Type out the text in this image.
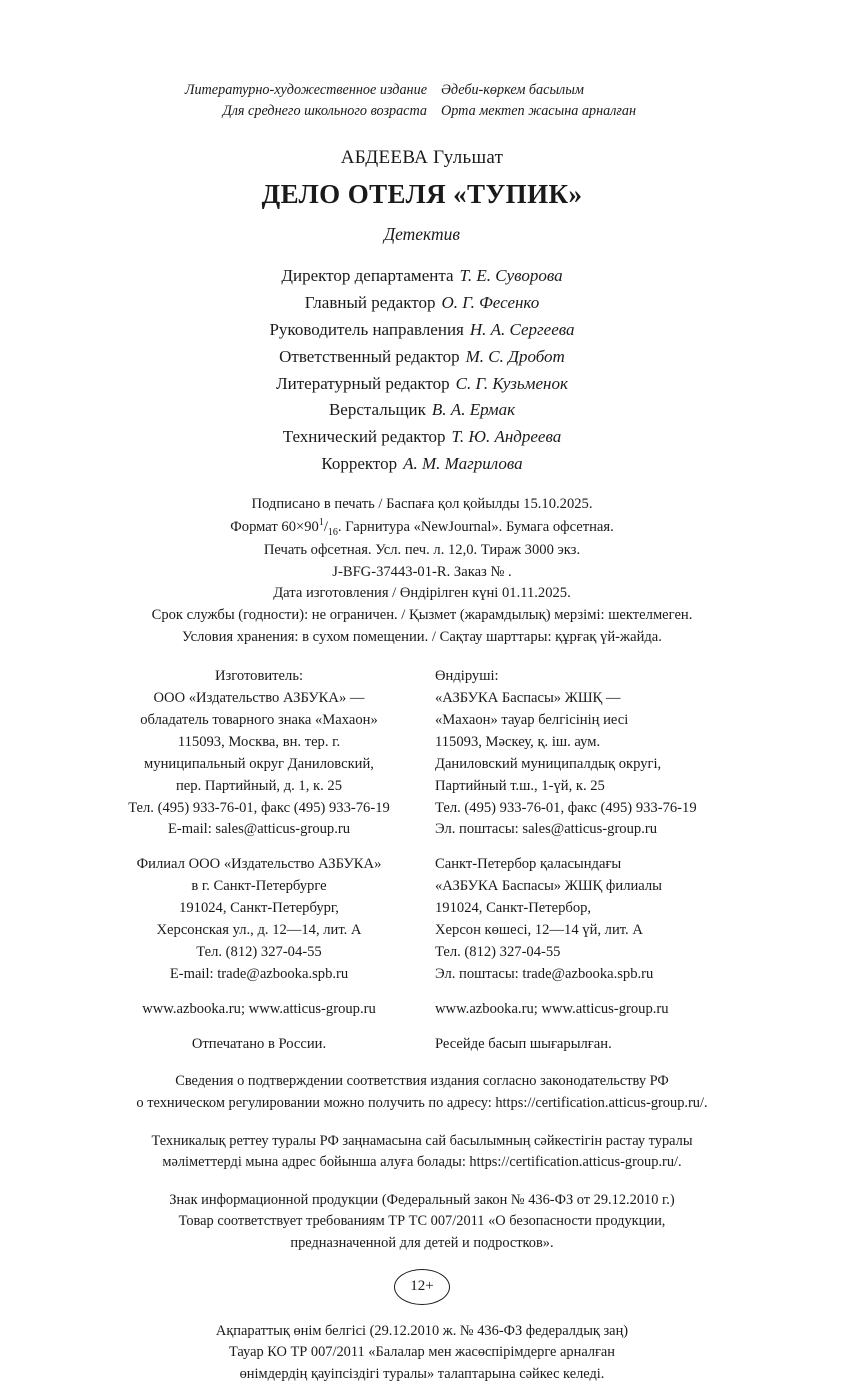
Литературно-художественное издание
Для среднего школьного возраста
Әдеби-көркем басылым
Орта мектеп жасына арналған
АБДЕЕВА Гульшат
ДЕЛО ОТЕЛЯ «ТУПИК»
Детектив
Директор департамента Т. Е. Суворова
Главный редактор О. Г. Фесенко
Руководитель направления Н. А. Сергеева
Ответственный редактор М. С. Дробот
Литературный редактор С. Г. Кузьменок
Верстальщик В. А. Ермак
Технический редактор Т. Ю. Андреева
Корректор А. М. Магрилова
Подписано в печать / Баспаға қол қойылды 15.10.2025.
Формат $60\times 90^1/_{16}$. Гарнитура «NewJournal». Бумага офсетная.
Печать офсетная. Усл. печ. л. 12,0. Тираж 3000 экз.
J-BFG-37443-01-R. Заказ № .
Дата изготовления / Өндірілген күні 01.11.2025.
Срок службы (годности): не ограничен. / Қызмет (жарамдылық) мерзімі: шектелмеген.
Условия хранения: в сухом помещении. / Сақтау шарттары: құрғақ үй-жайда.
Изготовитель:
ООО «Издательство АЗБУКА» —
обладатель товарного знака «Махаон»
115093, Москва, вн. тер. г.
муниципальный округ Даниловский,
пер. Партийный, д. 1, к. 25
Тел. (495) 933-76-01, факс (495) 933-76-19
E-mail: sales@atticus-group.ru
Филиал ООО «Издательство АЗБУКА»
в г. Санкт-Петербурге
191024, Санкт-Петербург,
Херсонская ул., д. 12—14, лит. А
Тел. (812) 327-04-55
E-mail: trade@azbooka.spb.ru
www.azbooka.ru; www.atticus-group.ru
Отпечатано в России.
Өндіруші:
«АЗБУКА Баспасы» ЖШҚ —
«Махаон» тауар белгісінің иесі
115093, Мәскеу, қ. іш. аум.
Даниловский муниципалдық округі,
Партийный т.ш., 1-үй, к. 25
Тел. (495) 933-76-01, факс (495) 933-76-19
Эл. поштасы: sales@atticus-group.ru
Санкт-Петербор қаласындағы
«АЗБУКА Баспасы» ЖШҚ филиалы
191024, Санкт-Петербор,
Херсон көшесі, 12—14 үй, лит. А
Тел. (812) 327-04-55
Эл. поштасы: trade@azbooka.spb.ru
www.azbooka.ru; www.atticus-group.ru
Ресейде басып шығарылған.
Сведения о подтверждении соответствия издания согласно законодательству РФ
о техническом регулировании можно получить по адресу: https://certification.atticus-group.ru/.
Техникалық реттеу туралы РФ заңнамасына сай басылымның сәйкестігін растау туралы
мәліметтерді мына адрес бойынша алуға болады: https://certification.atticus-group.ru/.
Знак информационной продукции (Федеральный закон № 436-ФЗ от 29.12.2010 г.)
Товар соответствует требованиям ТР ТС 007/2011 «О безопасности продукции,
предназначенной для детей и подростков».
12+
Ақпараттық өнім белгісі (29.12.2010 ж. № 436-ФЗ федералдық заң)
Тауар КО ТР 007/2011 «Балалар мен жасөспірімдерге арналған
өнімдердің қауіпсіздігі туралы» талаптарына сәйкес келеді.
